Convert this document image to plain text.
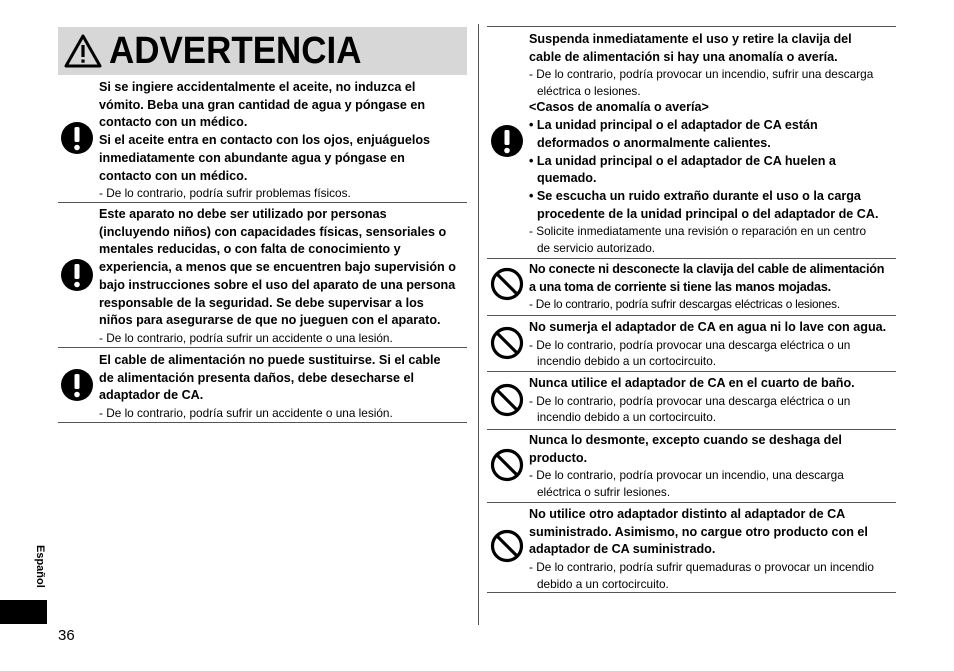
ADVERTENCIA
Si se ingiere accidentalmente el aceite, no induzca el
vómito. Beba una gran cantidad de agua y póngase en
contacto con un médico.
Si el aceite entra en contacto con los ojos, enjuáguelos
inmediatamente con abundante agua y póngase en
contacto con un médico.
- De lo contrario, podría sufrir problemas físicos.
Este aparato no debe ser utilizado por personas
(incluyendo niños) con capacidades físicas, sensoriales o
mentales reducidas, o con falta de conocimiento y
experiencia, a menos que se encuentren bajo supervisión o
bajo instrucciones sobre el uso del aparato de una persona
responsable de la seguridad. Se debe supervisar a los
niños para asegurarse de que no jueguen con el aparato.
- De lo contrario, podría sufrir un accidente o una lesión.
El cable de alimentación no puede sustituirse. Si el cable
de alimentación presenta daños, debe desecharse el
adaptador de CA.
- De lo contrario, podría sufrir un accidente o una lesión.
Suspenda inmediatamente el uso y retire la clavija del
cable de alimentación si hay una anomalía o avería.
- De lo contrario, podría provocar un incendio, sufrir una descarga
eléctrica o lesiones.
<Casos de anomalía o avería>
• La unidad principal o el adaptador de CA están
deformados o anormalmente calientes.
• La unidad principal o el adaptador de CA huelen a
quemado.
• Se escucha un ruido extraño durante el uso o la carga
procedente de la unidad principal o del adaptador de CA.
- Solicite inmediatamente una revisión o reparación en un centro
de servicio autorizado.
No conecte ni desconecte la clavija del cable de alimentación
a una toma de corriente si tiene las manos mojadas.
- De lo contrario, podría sufrir descargas eléctricas o lesiones.
No sumerja el adaptador de CA en agua ni lo lave con agua.
- De lo contrario, podría provocar una descarga eléctrica o un
incendio debido a un cortocircuito.
Nunca utilice el adaptador de CA en el cuarto de baño.
- De lo contrario, podría provocar una descarga eléctrica o un
incendio debido a un cortocircuito.
Nunca lo desmonte, excepto cuando se deshaga del
producto.
- De lo contrario, podría provocar un incendio, una descarga
eléctrica o sufrir lesiones.
No utilice otro adaptador distinto al adaptador de CA
suministrado. Asimismo, no cargue otro producto con el
adaptador de CA suministrado.
- De lo contrario, podría sufrir quemaduras o provocar un incendio
debido a un cortocircuito.
Español
36
